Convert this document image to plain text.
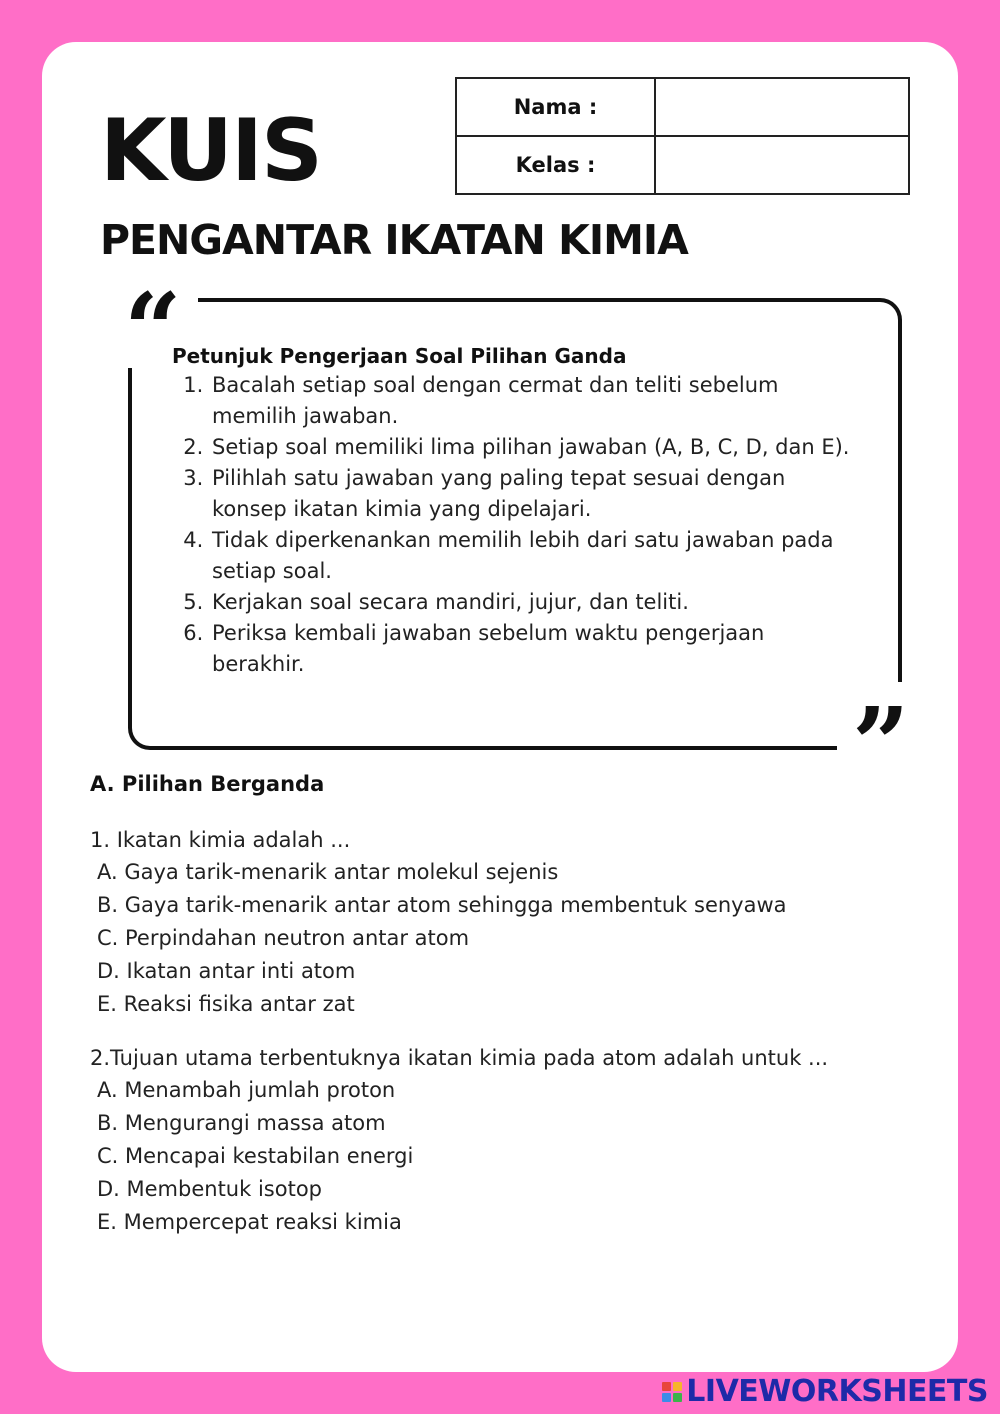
KUIS
PENGANTAR IKATAN KIMIA
Nama :	
Kelas :	
“
”
Petunjuk Pengerjaan Soal Pilihan Ganda
1. Bacalah setiap soal dengan cermat dan teliti sebelum memilih jawaban.
2. Setiap soal memiliki lima pilihan jawaban (A, B, C, D, dan E).
3. Pilihlah satu jawaban yang paling tepat sesuai dengan konsep ikatan kimia yang dipelajari.
4. Tidak diperkenankan memilih lebih dari satu jawaban pada setiap soal.
5. Kerjakan soal secara mandiri, jujur, dan teliti.
6. Periksa kembali jawaban sebelum waktu pengerjaan berakhir.
A. Pilihan Berganda
1. Ikatan kimia adalah ...
A. Gaya tarik-menarik antar molekul sejenis
B. Gaya tarik-menarik antar atom sehingga membentuk senyawa
C. Perpindahan neutron antar atom
D. Ikatan antar inti atom
E. Reaksi fisika antar zat
2.Tujuan utama terbentuknya ikatan kimia pada atom adalah untuk ...
A. Menambah jumlah proton
B. Mengurangi massa atom
C. Mencapai kestabilan energi
D. Membentuk isotop
E. Mempercepat reaksi kimia
LIVEWORKSHEETS
